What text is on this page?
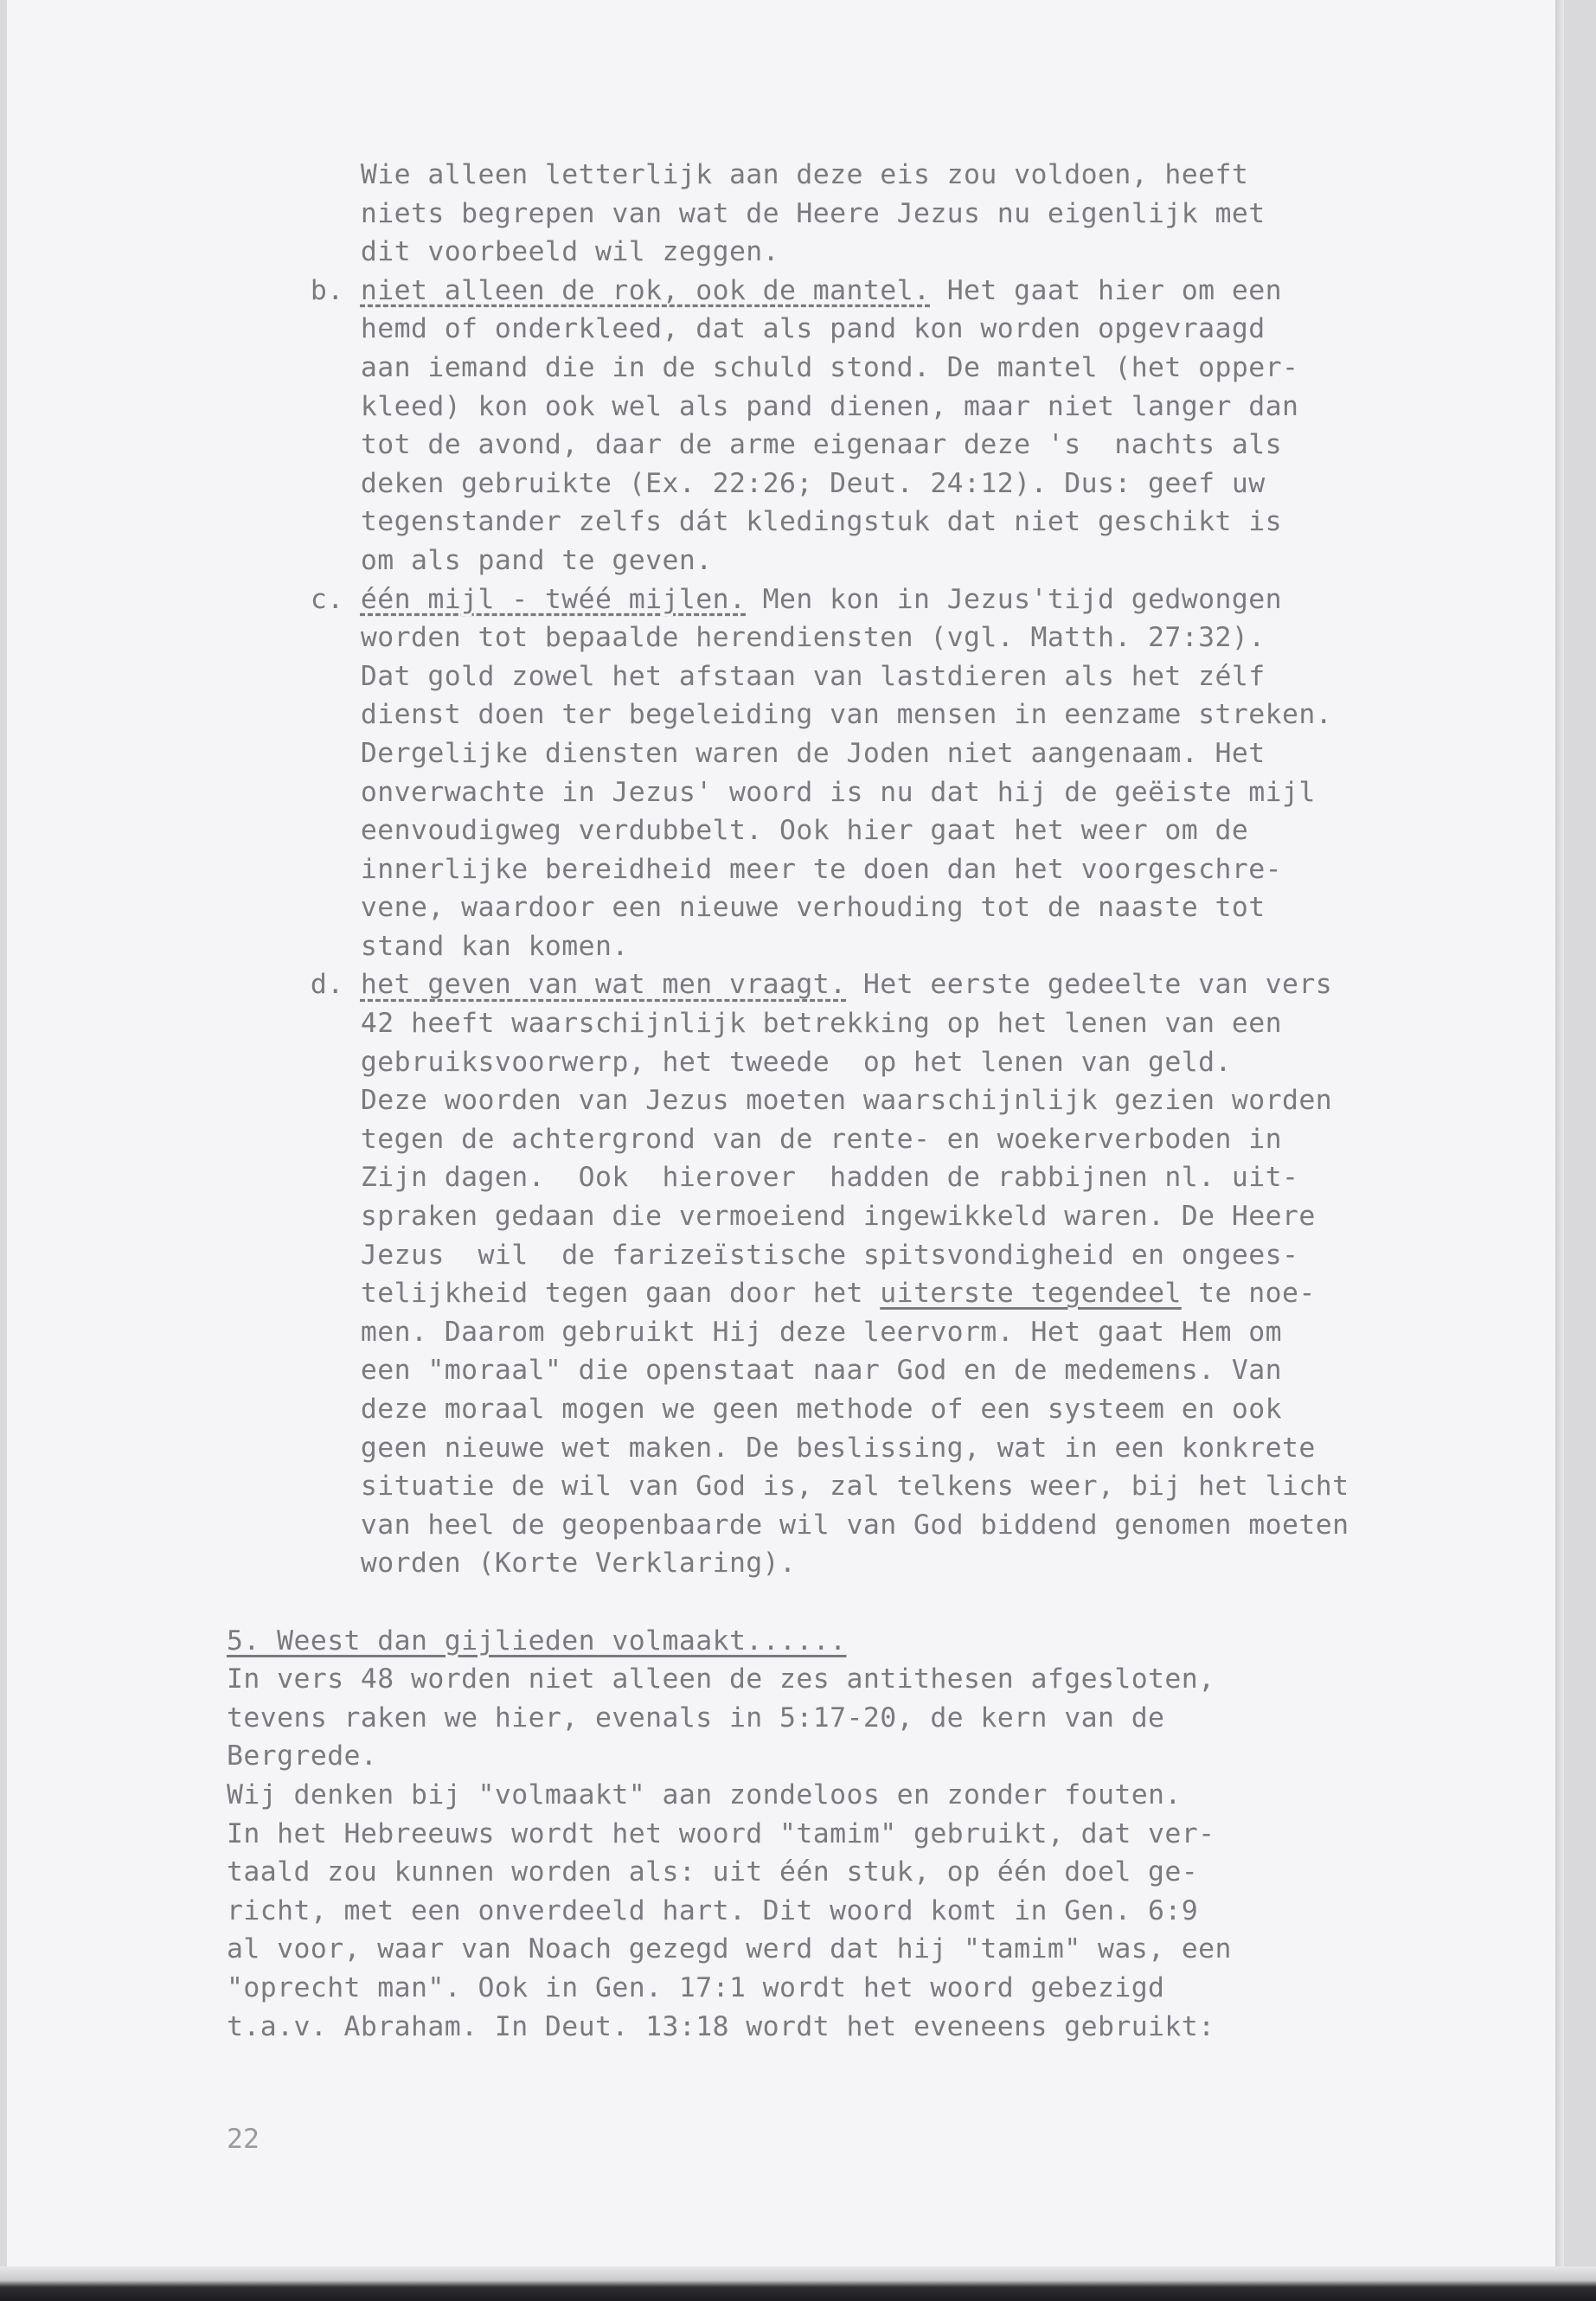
Wie alleen letterlijk aan deze eis zou voldoen, heeft
niets begrepen van wat de Heere Jezus nu eigenlijk met
dit voorbeeld wil zeggen.
b. niet alleen de rok, ook de mantel. Het gaat hier om een
hemd of onderkleed, dat als pand kon worden opgevraagd
aan iemand die in de schuld stond. De mantel (het opper-
kleed) kon ook wel als pand dienen, maar niet langer dan
tot de avond, daar de arme eigenaar deze 's  nachts als
deken gebruikte (Ex. 22:26; Deut. 24:12). Dus: geef uw
tegenstander zelfs dát kledingstuk dat niet geschikt is
om als pand te geven.
c. één mijl - twéé mijlen. Men kon in Jezus'tijd gedwongen
worden tot bepaalde herendiensten (vgl. Matth. 27:32).
Dat gold zowel het afstaan van lastdieren als het zélf
dienst doen ter begeleiding van mensen in eenzame streken.
Dergelijke diensten waren de Joden niet aangenaam. Het
onverwachte in Jezus' woord is nu dat hij de geëiste mijl
eenvoudigweg verdubbelt. Ook hier gaat het weer om de
innerlijke bereidheid meer te doen dan het voorgeschre-
vene, waardoor een nieuwe verhouding tot de naaste tot
stand kan komen.
d. het geven van wat men vraagt. Het eerste gedeelte van vers
42 heeft waarschijnlijk betrekking op het lenen van een
gebruiksvoorwerp, het tweede  op het lenen van geld.
Deze woorden van Jezus moeten waarschijnlijk gezien worden
tegen de achtergrond van de rente- en woekerverboden in
Zijn dagen.  Ook  hierover  hadden de rabbijnen nl. uit-
spraken gedaan die vermoeiend ingewikkeld waren. De Heere
Jezus  wil  de farizeïstische spitsvondigheid en ongees-
telijkheid tegen gaan door het uiterste tegendeel te noe-
men. Daarom gebruikt Hij deze leervorm. Het gaat Hem om
een "moraal" die openstaat naar God en de medemens. Van
deze moraal mogen we geen methode of een systeem en ook
geen nieuwe wet maken. De beslissing, wat in een konkrete
situatie de wil van God is, zal telkens weer, bij het licht
van heel de geopenbaarde wil van God biddend genomen moeten
worden (Korte Verklaring).
5. Weest dan gijlieden volmaakt......
In vers 48 worden niet alleen de zes antithesen afgesloten,
tevens raken we hier, evenals in 5:17-20, de kern van de
Bergrede.
Wij denken bij "volmaakt" aan zondeloos en zonder fouten.
In het Hebreeuws wordt het woord "tamim" gebruikt, dat ver-
taald zou kunnen worden als: uit één stuk, op één doel ge-
richt, met een onverdeeld hart. Dit woord komt in Gen. 6:9
al voor, waar van Noach gezegd werd dat hij "tamim" was, een
"oprecht man". Ook in Gen. 17:1 wordt het woord gebezigd
t.a.v. Abraham. In Deut. 13:18 wordt het eveneens gebruikt:
22
